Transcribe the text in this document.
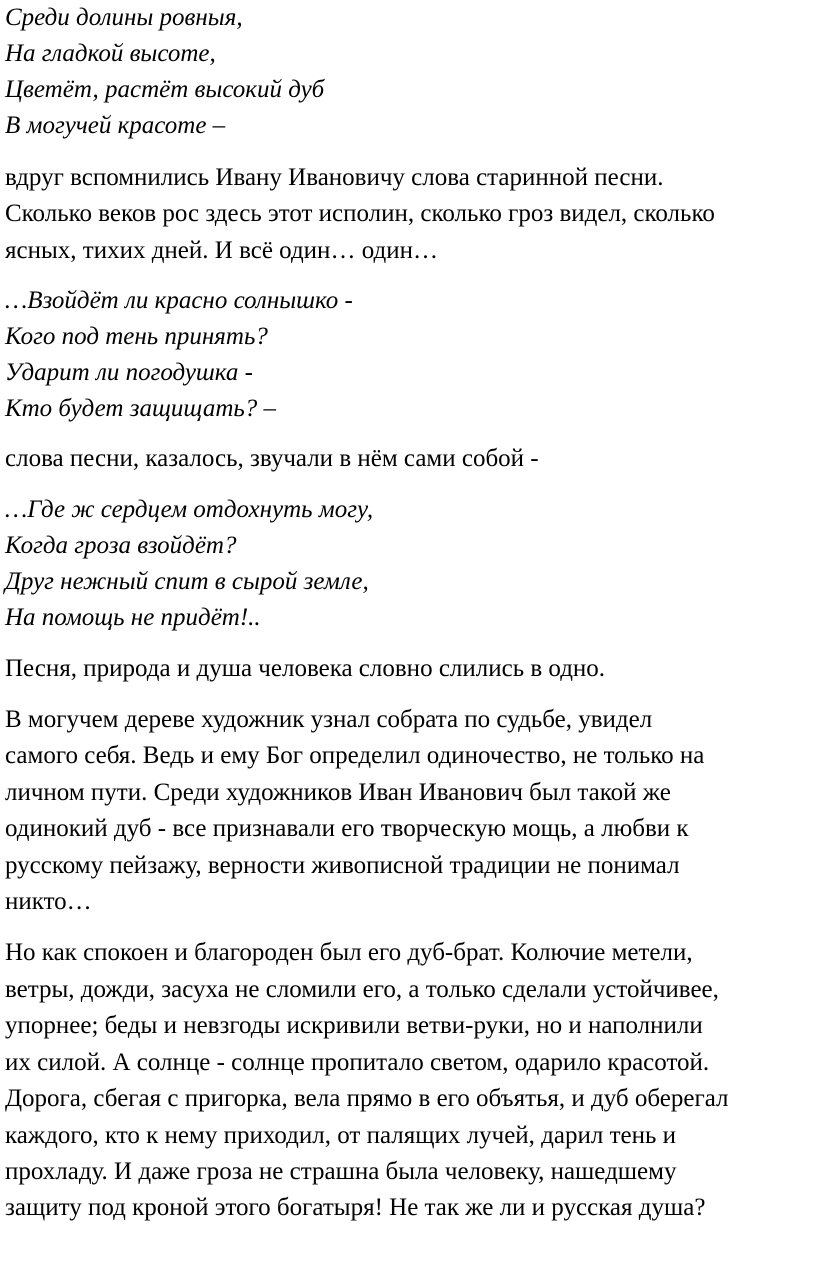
Среди долины ровныя,
На гладкой высоте,
Цветёт, растёт высокий дуб
В могучей красоте –
вдруг вспомнились Ивану Ивановичу слова старинной песни.
Сколько веков рос здесь этот исполин, сколько гроз видел, сколько
ясных, тихих дней. И всё один… один…
…Взойдёт ли красно солнышко -
Кого под тень принять?
Ударит ли погодушка -
Кто будет защищать? –
слова песни, казалось, звучали в нём сами собой -
…Где ж сердцем отдохнуть могу,
Когда гроза взойдёт?
Друг нежный спит в сырой земле,
На помощь не придёт!..
Песня, природа и душа человека словно слились в одно.
В могучем дереве художник узнал собрата по судьбе, увидел
самого себя. Ведь и ему Бог определил одиночество, не только на
личном пути. Среди художников Иван Иванович был такой же
одинокий дуб - все признавали его творческую мощь, а любви к
русскому пейзажу, верности живописной традиции не понимал
никто…
Но как спокоен и благороден был его дуб-брат. Колючие метели,
ветры, дожди, засуха не сломили его, а только сделали устойчивее,
упорнее; беды и невзгоды искривили ветви-руки, но и наполнили
их силой. А солнце - солнце пропитало светом, одарило красотой.
Дорога, сбегая с пригорка, вела прямо в его объятья, и дуб оберегал
каждого, кто к нему приходил, от палящих лучей, дарил тень и
прохладу. И даже гроза не страшна была человеку, нашедшему
защиту под кроной этого богатыря! Не так же ли и русская душа?
